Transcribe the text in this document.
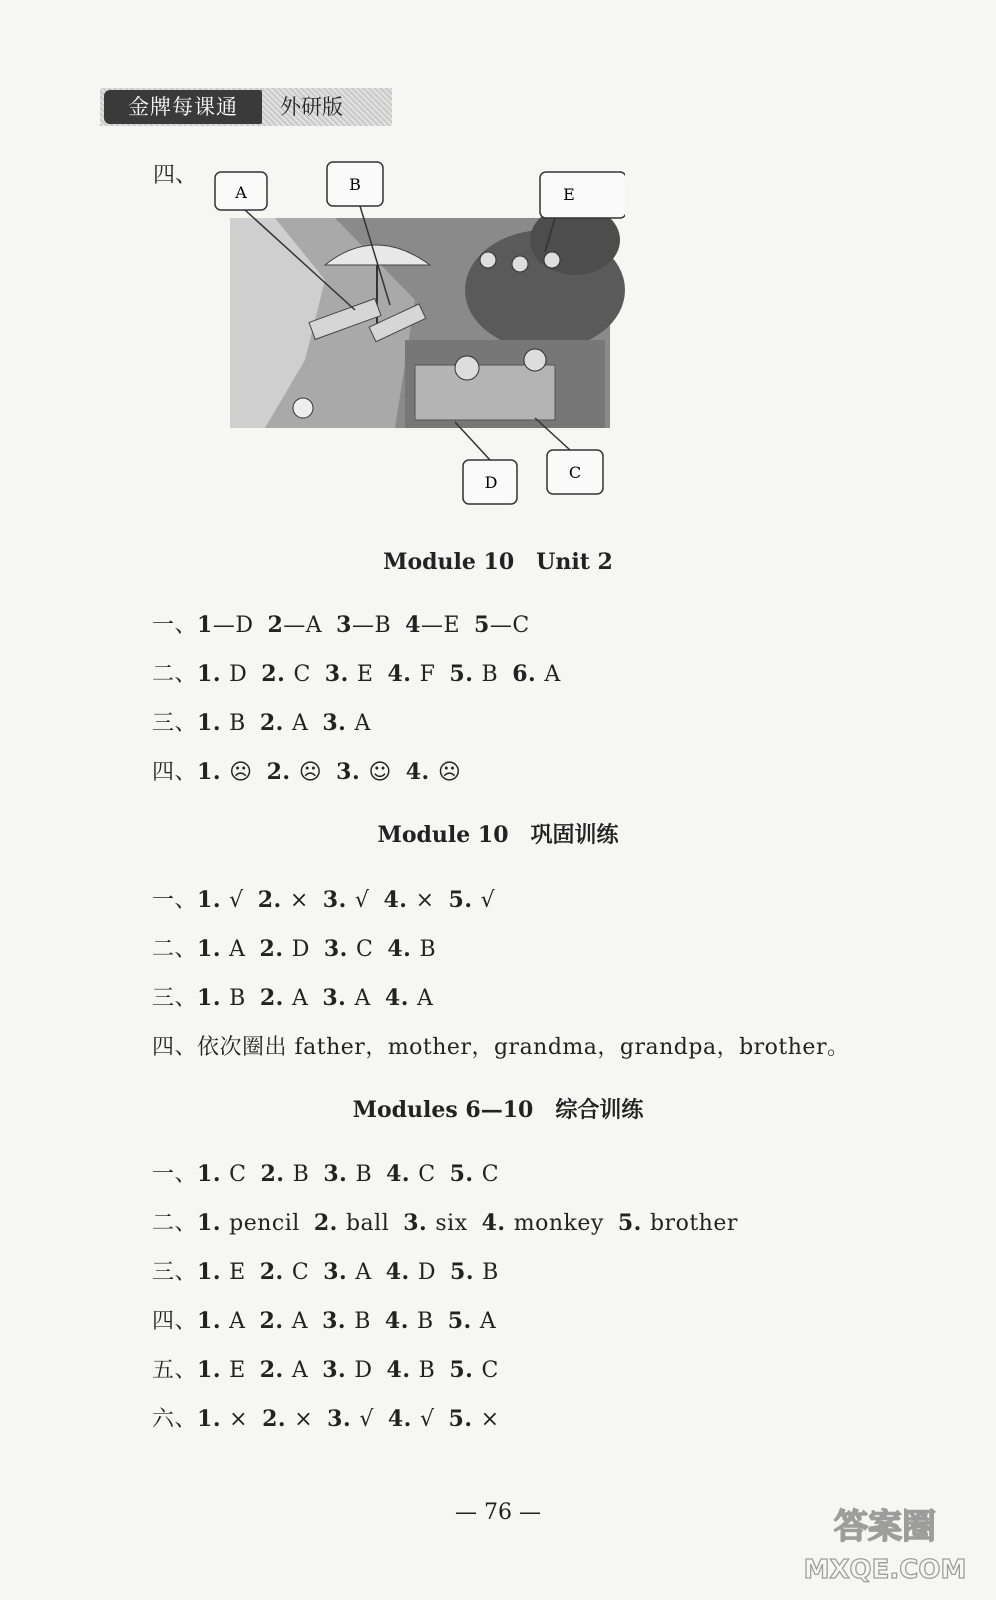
金牌每课通	外研版
四、
A	B
E
D
C
Module 10　Unit 2
一、1—D 2—A 3—B 4—E 5—C
二、1. D 2. C 3. E 4. F 5. B 6. A
三、1. B 2. A 3. A
四、1. ☹ 2. ☹ 3. ☺ 4. ☹
Module 10　巩固训练
一、1. √ 2. × 3. √ 4. × 5. √
二、1. A 2. D 3. C 4. B
三、1. B 2. A 3. A 4. A
四、依次圈出 father，mother，grandma，grandpa，brother。
Modules 6—10　综合训练
一、1. C 2. B 3. B 4. C 5. C
二、1. pencil 2. ball 3. six 4. monkey 5. brother
三、1. E 2. C 3. A 4. D 5. B
四、1. A 2. A 3. B 4. B 5. A
五、1. E 2. A 3. D 4. B 5. C
六、1. × 2. × 3. √ 4. √ 5. ×
— 76 —	答案圈
MXQE.COM
